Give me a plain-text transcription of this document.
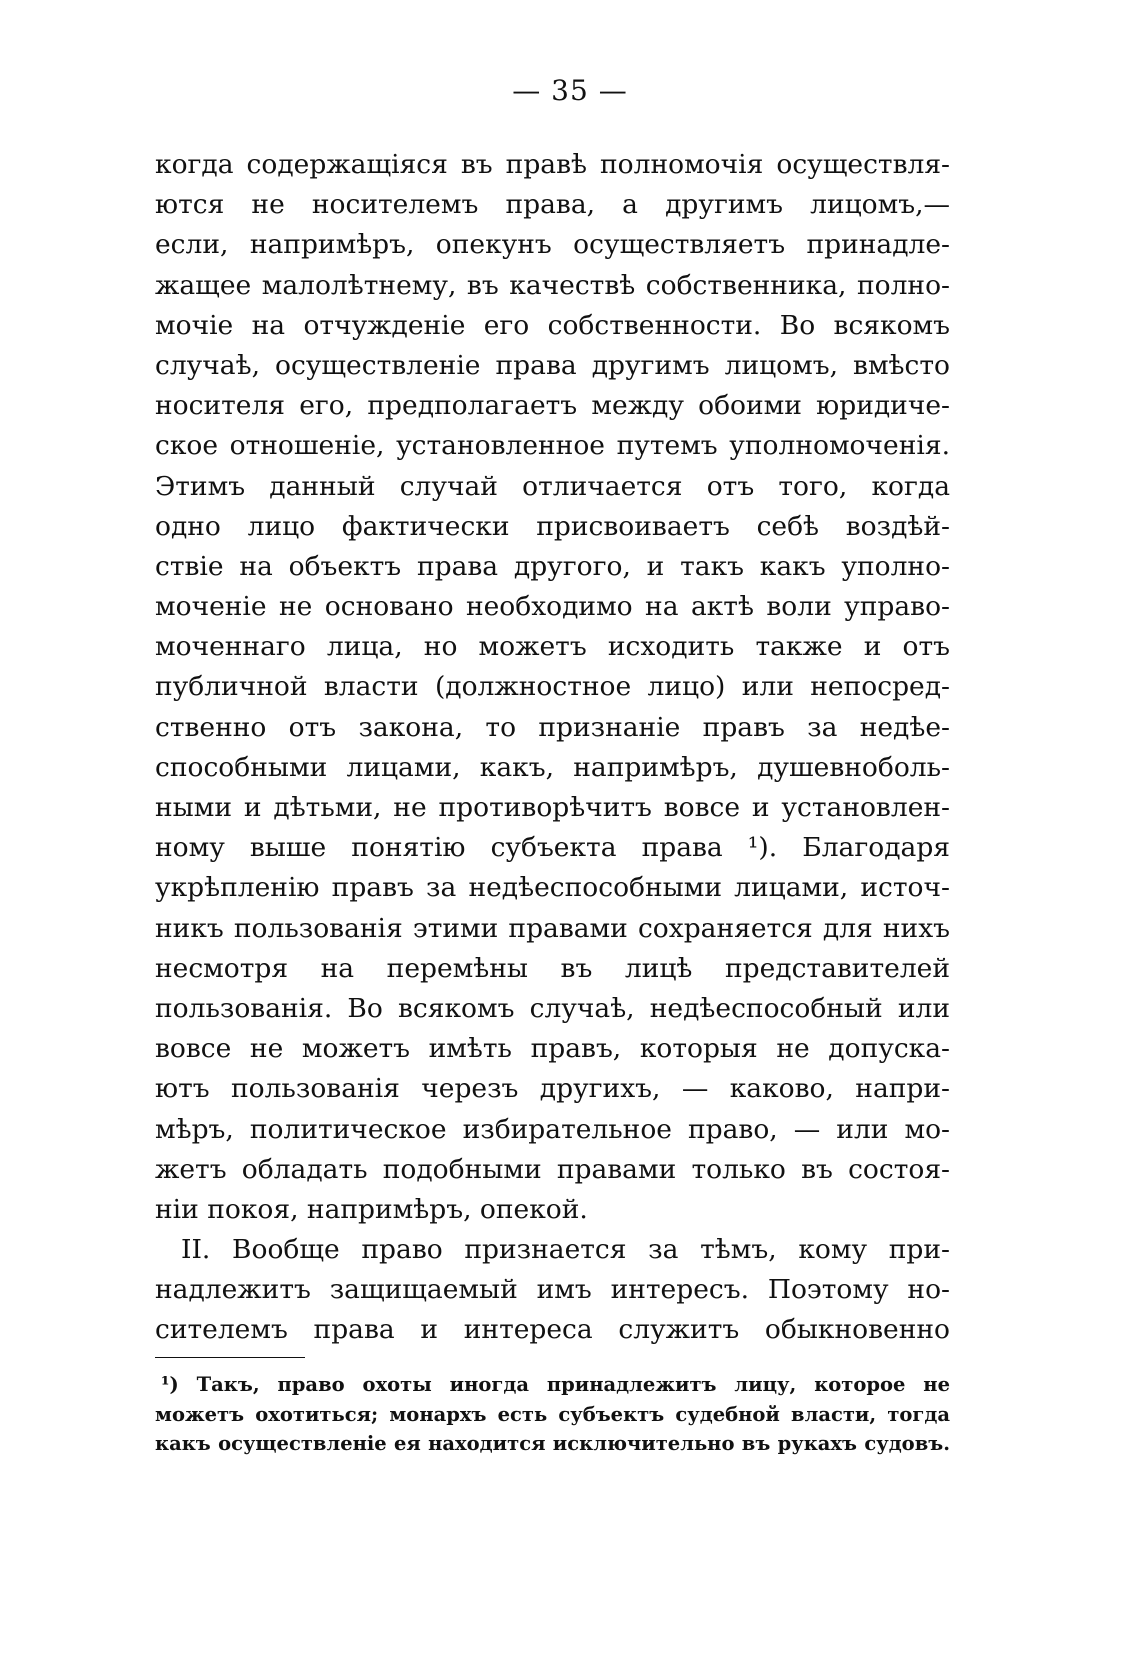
— 35 —
когда содержащіяся въ правѣ полномочія осуществля-
ются не носителемъ права, а другимъ лицомъ,—
если, напримѣръ, опекунъ осуществляетъ принадле-
жащее малолѣтнему, въ качествѣ собственника, полно-
мочіе на отчужденіе его собственности. Во всякомъ
случаѣ, осуществленіе права другимъ лицомъ, вмѣсто
носителя его, предполагаетъ между обоими юридиче-
ское отношеніе, установленное путемъ уполномоченія.
Этимъ данный случай отличается отъ того, когда
одно лицо фактически присвоиваетъ себѣ воздѣй-
ствіе на объектъ права другого, и такъ какъ уполно-
моченіе не основано необходимо на актѣ воли управо-
моченнаго лица, но можетъ исходить также и отъ
публичной власти (должностное лицо) или непосред-
ственно отъ закона, то признаніе правъ за недѣе-
способными лицами, какъ, напримѣръ, душевноболь-
ными и дѣтьми, не противорѣчитъ вовсе и установлен-
ному выше понятію субъекта права ¹). Благодаря
укрѣпленію правъ за недѣеспособными лицами, источ-
никъ пользованія этими правами сохраняется для нихъ
несмотря на перемѣны въ лицѣ представителей
пользованія. Во всякомъ случаѣ, недѣеспособный или
вовсе не можетъ имѣть правъ, которыя не допуска-
ютъ пользованія черезъ другихъ, — каково, напри-
мѣръ, политическое избирательное право, — или мо-
жетъ обладать подобными правами только въ состоя-
ніи покоя, напримѣръ, опекой.
II. Вообще право признается за тѣмъ, кому при-
надлежитъ защищаемый имъ интересъ. Поэтому но-
сителемъ права и интереса служитъ обыкновенно
¹) Такъ, право охоты иногда принадлежитъ лицу, которое не
можетъ охотиться; монархъ есть субъектъ судебной власти, тогда
какъ осуществленіе ея находится исключительно въ рукахъ судовъ.
